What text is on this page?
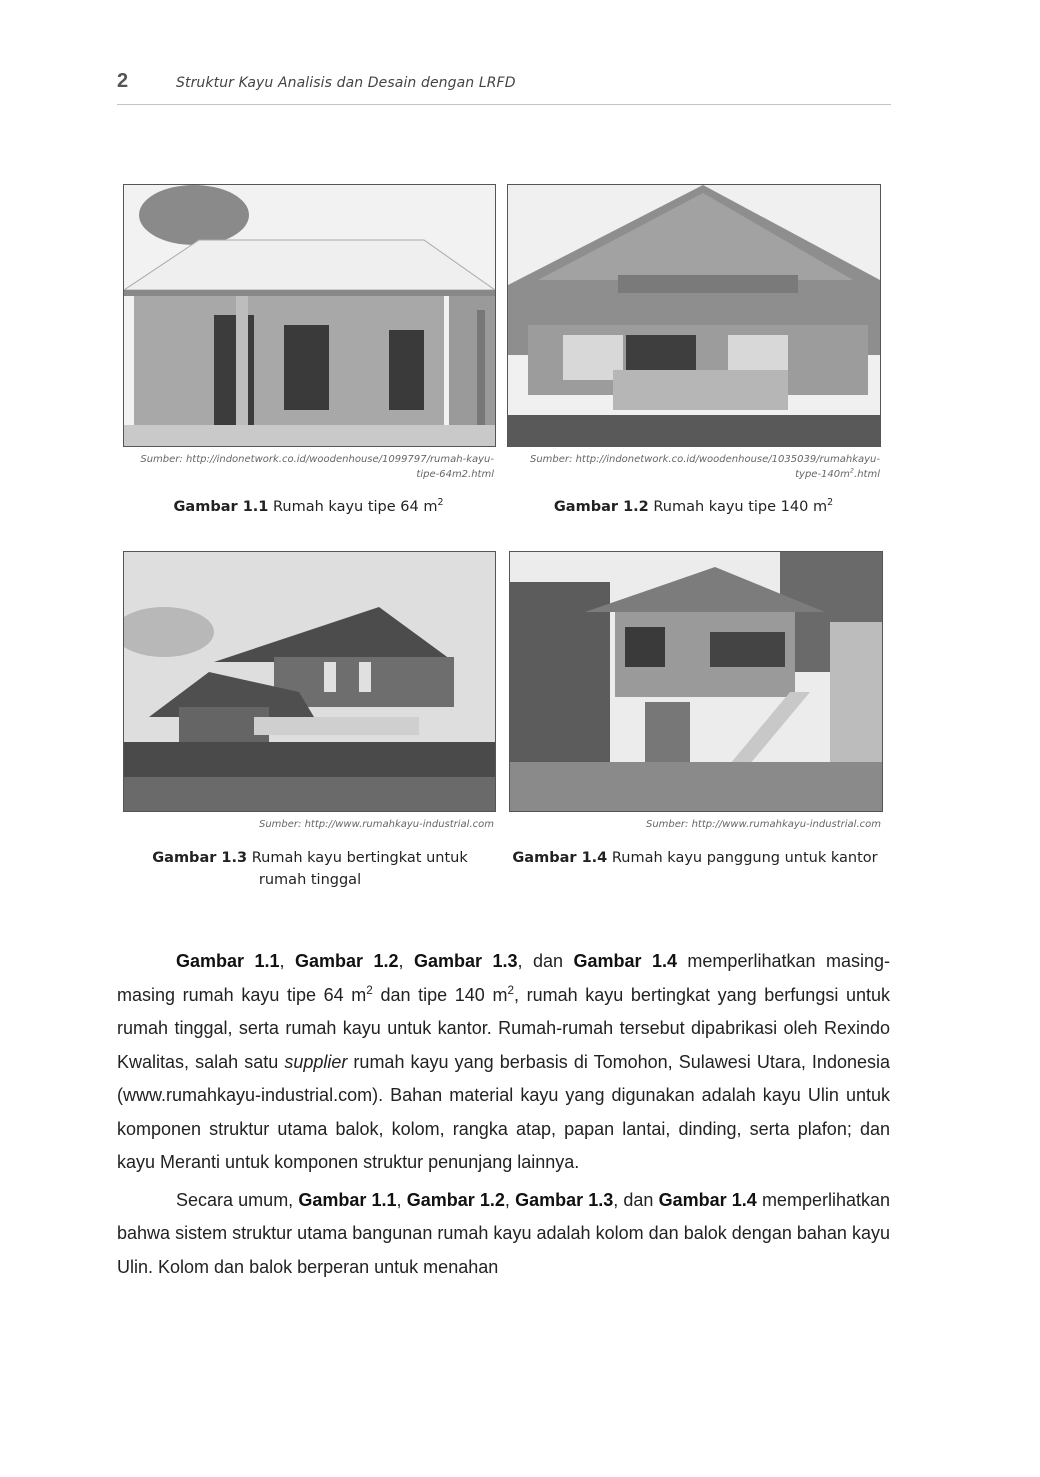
2	Struktur Kayu Analisis dan Desain dengan LRFD
Sumber: http://indonetwork.co.id/woodenhouse/1099797/rumah-kayu-
tipe-64m2.html
Gambar 1.1 Rumah kayu tipe 64 $m^2$
Sumber: http://indonetwork.co.id/woodenhouse/1035039/rumahkayu-
type-$140m^2.html$
Gambar 1.2 Rumah kayu tipe 140 $m^2$
Sumber: http://www.rumahkayu-industrial.com
Gambar 1.3 Rumah kayu bertingkat untuk
rumah tinggal
Sumber: http://www.rumahkayu-industrial.com
Gambar 1.4 Rumah kayu panggung untuk kantor

Gambar 1.1, Gambar 1.2, Gambar 1.3, dan Gambar 1.4 memperlihatkan masing-masing rumah kayu tipe 64 $m^2$ dan tipe 140 $m^2$, rumah kayu bertingkat yang berfungsi untuk rumah tinggal, serta rumah kayu untuk kantor. Rumah-rumah tersebut dipabrikasi oleh Rexindo Kwalitas, salah satu supplier rumah kayu yang berbasis di Tomohon, Sulawesi Utara, Indonesia (www.rumahkayu-industrial.com). Bahan material kayu yang digunakan adalah kayu Ulin untuk komponen struktur utama balok, kolom, rangka atap, papan lantai, dinding, serta plafon; dan kayu Meranti untuk komponen struktur penunjang lainnya.

Secara umum, Gambar 1.1, Gambar 1.2, Gambar 1.3, dan Gambar 1.4 memperlihatkan bahwa sistem struktur utama bangunan rumah kayu adalah kolom dan balok dengan bahan kayu Ulin. Kolom dan balok berperan untuk menahan
